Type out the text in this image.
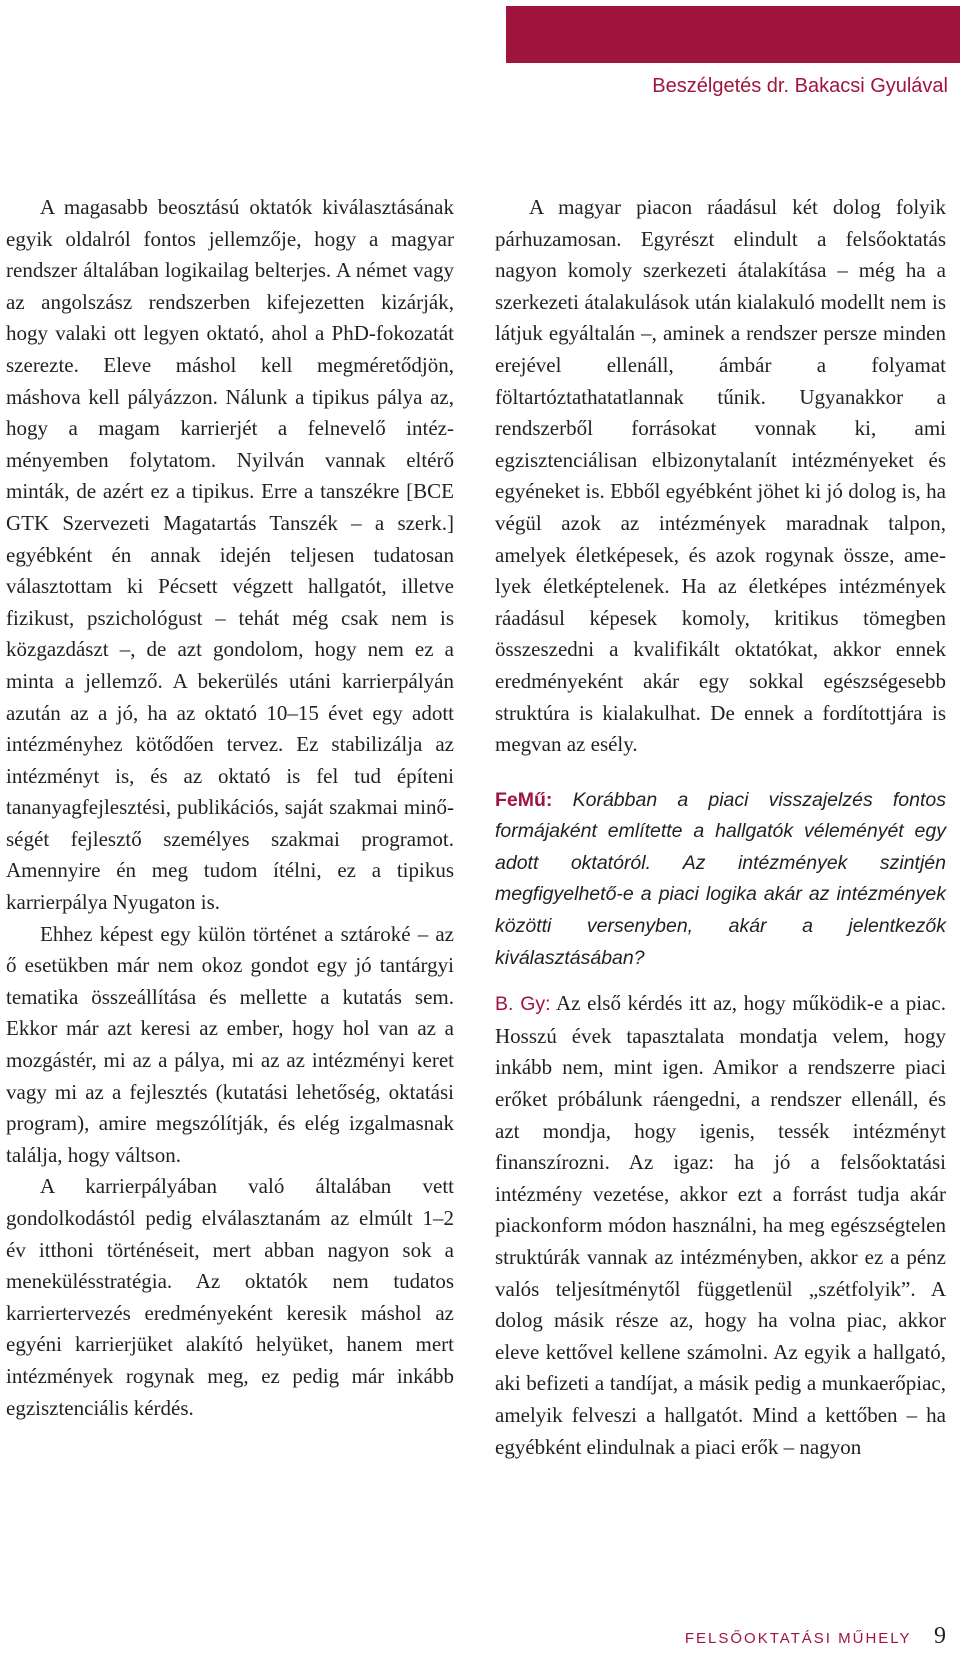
Beszélgetés dr. Bakacsi Gyulával

A magasabb beosztású oktatók kiválasztásának egyik oldalról fontos jellemzője, hogy a magyar rendszer általában logikailag belterjes. A német vagy az angolszász rendszerben kifejezetten kizárják, hogy valaki ott legyen oktató, ahol a PhD-fokozatát szerezte. Eleve máshol kell megméretődjön, máshova kell pályázzon. Nálunk a tipikus pálya az, hogy a magam karrierjét a felnevelő intézményemben folytatom. Nyilván vannak eltérő minták, de azért ez a tipikus. Erre a tanszékre [BCE GTK Szervezeti Magatartás Tanszék – a szerk.] egyébként én annak idején teljesen tudatosan választottam ki Pécsett végzett hallgatót, illetve fizikust, pszichológust – tehát még csak nem is közgazdászt –, de azt gondolom, hogy nem ez a minta a jellemző. A bekerülés utáni karrierpályán azután az a jó, ha az oktató 10–15 évet egy adott intézményhez kötődően tervez. Ez stabilizálja az intézményt is, és az oktató is fel tud építeni tananyagfejlesztési, publikációs, saját szakmai minőségét fejlesztő személyes szakmai programot. Amennyire én meg tudom ítélni, ez a tipikus karrierpálya Nyugaton is.

Ehhez képest egy külön történet a sztároké – az ő esetükben már nem okoz gondot egy jó tantárgyi tematika összeállítása és mellette a kutatás sem. Ekkor már azt keresi az ember, hogy hol van az a mozgástér, mi az a pálya, mi az az intézményi keret vagy mi az a fejlesztés (kutatási lehetőség, oktatási program), amire megszólítják, és elég izgalmasnak találja, hogy váltson.

A karrierpályában való általában vett gondolkodástól pedig elválasztanám az elmúlt 1–2 év itthoni történéseit, mert abban nagyon sok a menekülésstratégia. Az oktatók nem tudatos karriertervezés eredményeként keresik máshol az egyéni karrierjüket alakító helyüket, hanem mert intézmények rogynak meg, ez pedig már inkább egzisztenciális kérdés.

A magyar piacon ráadásul két dolog folyik párhuzamosan. Egyrészt elindult a felsőoktatás nagyon komoly szerkezeti átalakítása – még ha a szerkezeti átalakulások után kialakuló modellt nem is látjuk egyáltalán –, aminek a rendszer persze minden erejével ellenáll, ámbár a folyamat föltartóztathatatlannak tűnik. Ugyanakkor a rendszerből forrásokat vonnak ki, ami egzisztenciálisan elbizonytalanít intézményeket és egyéneket is. Ebből egyébként jöhet ki jó dolog is, ha végül azok az intézmények maradnak talpon, amelyek életképesek, és azok rogynak össze, amelyek életképtelenek. Ha az életképes intézmények ráadásul képesek komoly, kritikus tömegben összeszedni a kvalifikált oktatókat, akkor ennek eredményeként akár egy sokkal egészségesebb struktúra is kialakulhat. De ennek a fordítottjára is megvan az esély.

FeMű: Korábban a piaci visszajelzés fontos formájaként említette a hallgatók véleményét egy adott oktatóról. Az intézmények szintjén megfigyelhető-e a piaci logika akár az intézmények közötti versenyben, akár a jelentkezők kiválasztásában?

B. Gy: Az első kérdés itt az, hogy működik-e a piac. Hosszú évek tapasztalata mondatja velem, hogy inkább nem, mint igen. Amikor a rendszerre piaci erőket próbálunk ráengedni, a rendszer ellenáll, és azt mondja, hogy igenis, tessék intézményt finanszírozni. Az igaz: ha jó a felsőoktatási intézmény vezetése, akkor ezt a forrást tudja akár piackonform módon használni, ha meg egészségtelen struktúrák vannak az intézményben, akkor ez a pénz valós teljesítménytől függetlenül „szétfolyik”. A dolog másik része az, hogy ha volna piac, akkor eleve kettővel kellene számolni. Az egyik a hallgató, aki befizeti a tandíjat, a másik pedig a munkaerőpiac, amelyik felveszi a hallgatót. Mind a kettőben – ha egyébként elindulnak a piaci erők – nagyon

FELSŐOKTATÁSI MŰHELY 9
